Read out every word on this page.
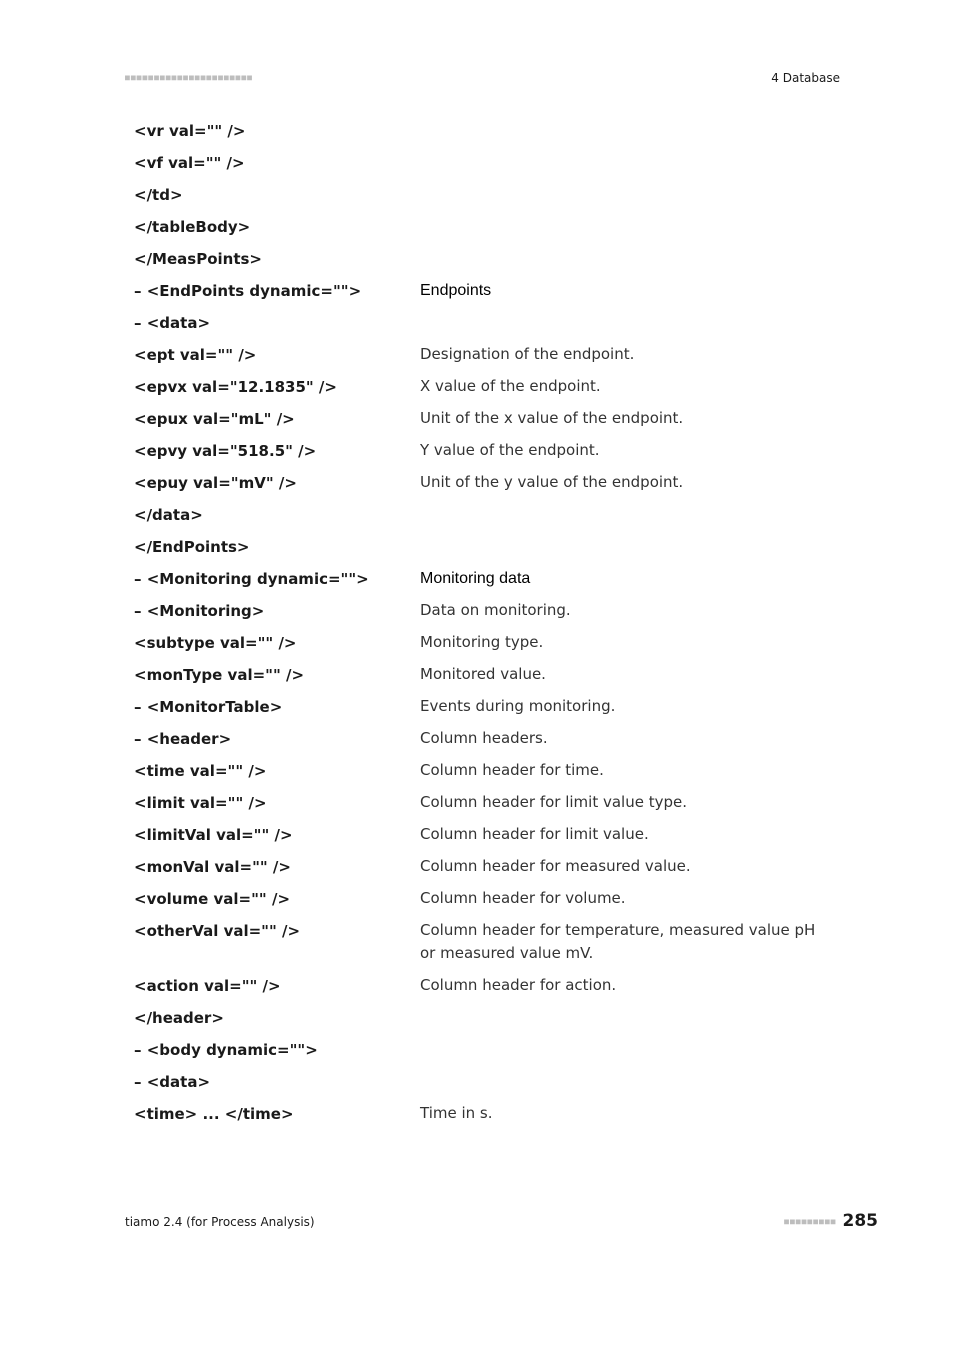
■■■■■■■■■■■■■■■■■■■■■■	4 Database
<vr val="" />
<vf val="" />
</td>
</tableBody>
</MeasPoints>
– <EndPoints dynamic="">	Endpoints
– <data>
<ept val="" />	Designation of the endpoint.
<epvx val="12.1835" />	X value of the endpoint.
<epux val="mL" />	Unit of the x value of the endpoint.
<epvy val="518.5" />	Y value of the endpoint.
<epuy val="mV" />	Unit of the y value of the endpoint.
</data>
</EndPoints>
– <Monitoring dynamic="">	Monitoring data
– <Monitoring>	Data on monitoring.
<subtype val="" />	Monitoring type.
<monType val="" />	Monitored value.
– <MonitorTable>	Events during monitoring.
– <header>	Column headers.
<time val="" />	Column header for time.
<limit val="" />	Column header for limit value type.
<limitVal val="" />	Column header for limit value.
<monVal val="" />	Column header for measured value.
<volume val="" />	Column header for volume.
<otherVal val="" />	Column header for temperature, measured value pH or measured value mV.
<action val="" />	Column header for action.
</header>
– <body dynamic="">
– <data>
<time> ... </time>	Time in s.
tiamo 2.4 (for Process Analysis)	■■■■■■■■■ 285
